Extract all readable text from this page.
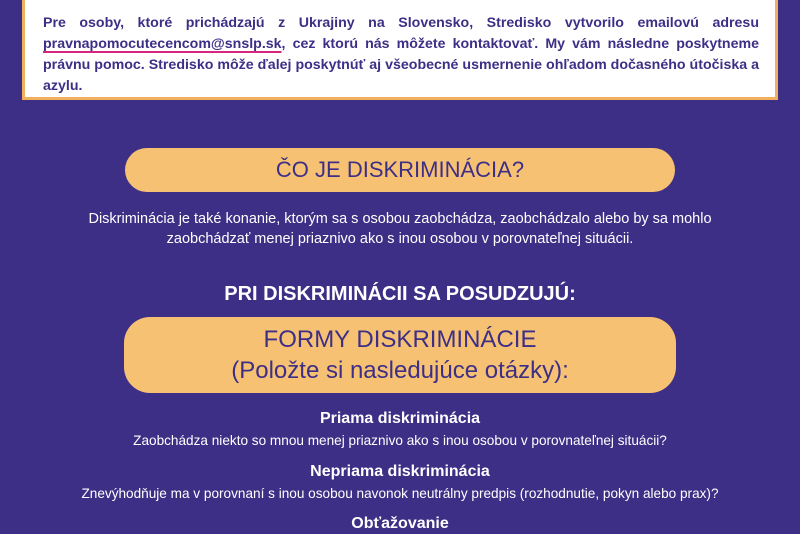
Pre osoby, ktoré prichádzajú z Ukrajiny na Slovensko, Stredisko vytvorilo emailovú adresu pravnapomocutecencom@snslp.sk, cez ktorú nás môžete kontaktovať. My vám následne poskytneme právnu pomoc. Stredisko môže ďalej poskytnúť aj všeobecné usmernenie ohľadom dočasného útočiska a azylu.
ČO JE DISKRIMINÁCIA?
Diskriminácia je také konanie, ktorým sa s osobou zaobchádza, zaobchádzalo alebo by sa mohlo
zaobchádzať menej priaznivo ako s inou osobou v porovnateľnej situácii.
PRI DISKRIMINÁCII SA POSUDZUJÚ:
FORMY DISKRIMINÁCIE
(Položte si nasledujúce otázky):
Priama diskriminácia
Zaobchádza niekto so mnou menej priaznivo ako s inou osobou v porovnateľnej situácii?
Nepriama diskriminácia
Znevýhodňuje ma v porovnaní s inou osobou navonok neutrálny predpis (rozhodnutie, pokyn alebo prax)?
Obťažovanie
